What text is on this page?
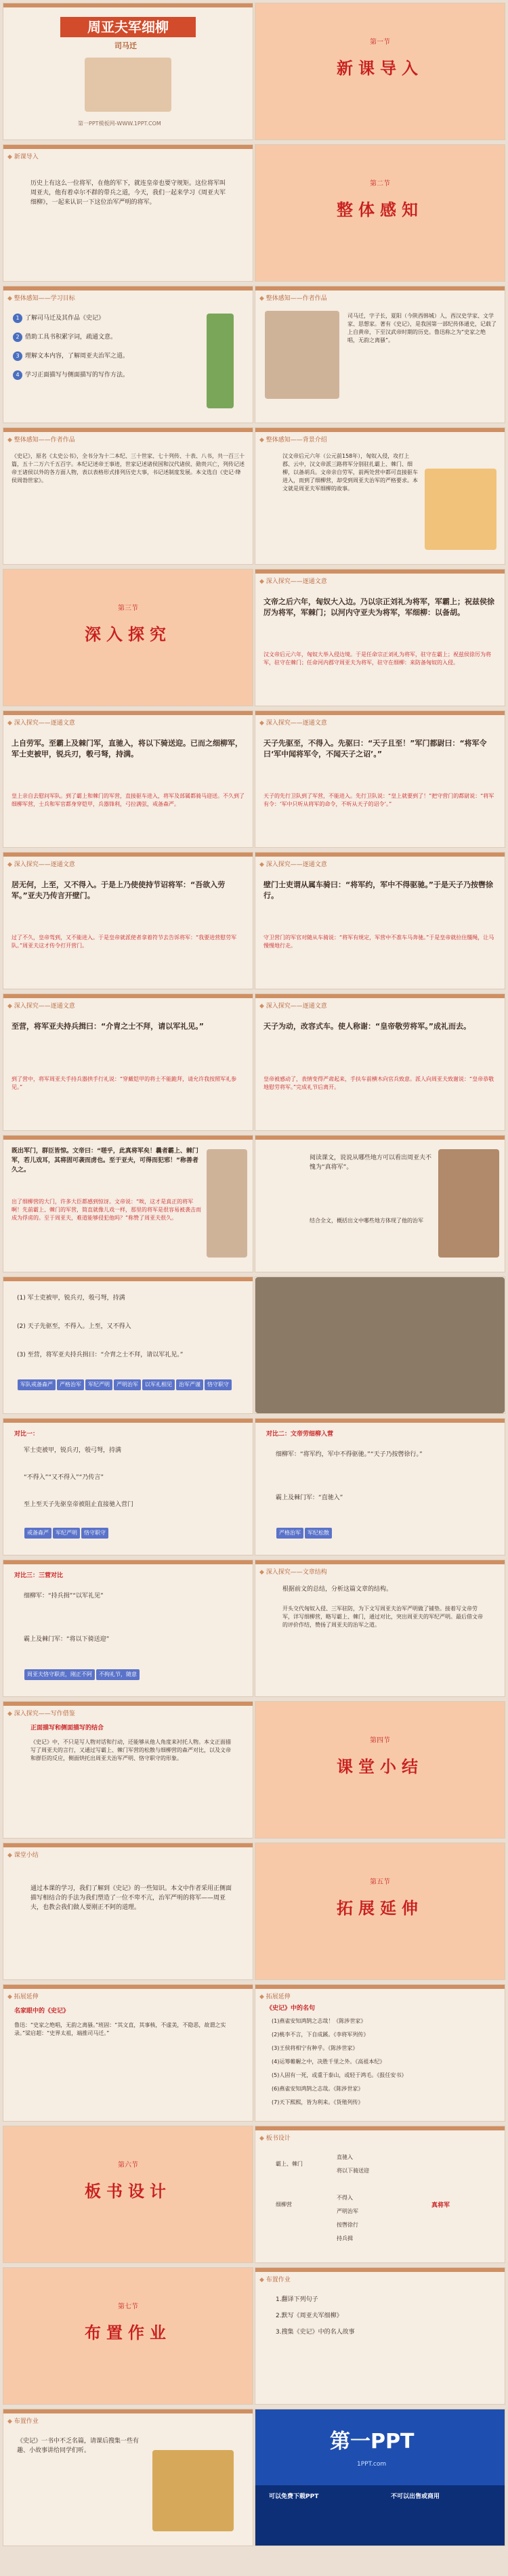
周亚夫军细柳
司马迁
第一PPT模板网-WWW.1PPT.COM
第一节
新课导入
◆ 新课导入
历史上有这么一位将军，在他的军下，就连皇帝也要守规矩。这位将军叫周亚夫，他有着卓尔不群的带兵之道，今天，我们一起来学习《周亚夫军细柳》，一起来认识一下这位治军严明的将军。
第二节
整体感知
◆ 整体感知——学习目标
1 了解司马迁及其作品《史记》
2 借助工具书积累字词，疏通文意。
3 理解文本内容，了解周亚夫治军之道。
4 学习正面描写与侧面描写的写作方法。
◆ 整体感知——作者作品
司马迁，字子长，夏阳（今陕西韩城）人，西汉史学家、文学家、思想家。著有《史记》，是我国第一部纪传体通史，记载了上自黄帝，下至汉武帝时期的历史。鲁迅称之为“史家之绝唱，无韵之离骚”。
◆ 整体感知——作者作品
《史记》，原名《太史公书》，全书分为十二本纪、三十世家、七十列传、十表、八书，共一百三十篇，五十二万六千五百字。本纪记述帝王事迹，世家记述诸侯国和汉代诸侯、勋贵兴亡，列传记述帝王诸侯以外的各方面人物，表以表格形式排列历史大事，书记述制度发展。本文选自《史记·绛侯周勃世家》。
◆ 整体感知——背景介绍
汉文帝后元六年（公元前158年），匈奴入侵，攻打上郡、云中，汉文帝派三路将军分别驻扎霸上、棘门、细柳，以备胡兵。文帝亲自劳军，前两处营中都可直接驱车进入，而到了细柳营，却受到周亚夫治军的严格要求。本文就是周亚夫军细柳的故事。
第三节
深入探究
◆ 深入探究——逐通文意
文帝之后六年，匈奴大入边。乃以宗正刘礼为将军，军霸上；祝兹侯徐厉为将军，军棘门；以河内守亚夫为将军，军细柳：以备胡。
汉文帝后元六年，匈奴大举入侵边境。于是任命宗正刘礼为将军，驻守在霸上；祝兹侯徐厉为将军，驻守在棘门；任命河内郡守周亚夫为将军，驻守在细柳：来防备匈奴的入侵。
◆ 深入探究——逐通文意
上自劳军。至霸上及棘门军，直驰入，将以下骑送迎。已而之细柳军，军士吏被甲，锐兵刃，彀弓弩，持满。
皇上亲自去慰问军队。到了霸上和棘门的军营，直接驱车进入，将军及部属都骑马迎送。不久到了细柳军营，士兵和军官都身穿铠甲，兵器锋利，弓拉满弦，戒备森严。
◆ 深入探究——逐通文意
天子先驱至，不得入。先驱曰：“天子且至！”军门都尉曰：“将军令曰‘军中闻将军令，不闻天子之诏’。”
天子的先行卫队到了军营，不能进入。先行卫队说：“皇上就要到了！”把守营门的都尉说：“将军有令：‘军中只听从将军的命令，不听从天子的诏令’。”
◆ 深入探究——逐通文意
居无何，上至，又不得入。于是上乃使使持节诏将军：“吾欲入劳军。”亚夫乃传言开壁门。
过了不久，皇帝驾到，又不能进入。于是皇帝就派使者拿着符节去告诉将军：“我要进营慰劳军队。”周亚夫这才传令打开营门。
◆ 深入探究——逐通文意
壁门士吏谓从属车骑曰：“将军约，军中不得驱驰。”于是天子乃按辔徐行。
守卫营门的军官对随从车骑说：“将军有规定，军营中不准车马奔驰。”于是皇帝就拉住缰绳，让马慢慢地行走。
◆ 深入探究——逐通文意
至营，将军亚夫持兵揖曰：“介胄之士不拜，请以军礼见。”
到了营中，将军周亚夫手持兵器拱手行礼说：“穿戴铠甲的将士不能跪拜，请允许我按照军礼参见。”
◆ 深入探究——逐通文意
天子为动，改容式车。使人称谢：“皇帝敬劳将军。”成礼而去。
皇帝被感动了，表情变得严肃起来，手扶车前横木向官兵致意。派人向周亚夫致谢说：“皇帝恭敬地慰劳将军。”完成礼节后离开。
既出军门，群臣皆惊。文帝曰：“嗟乎，此真将军矣！曩者霸上、棘门军，若儿戏耳，其将固可袭而虏也。至于亚夫，可得而犯邪！”称善者久之。
出了细柳营的大门，许多大臣都感到惊讶。文帝说：“唉，这才是真正的将军啊！先前霸上、棘门的军营，简直就像儿戏一样，那里的将军是很容易被袭击而成为俘虏的。至于周亚夫，难道能够侵犯他吗？”称赞了周亚夫很久。
阅读课文，说说从哪些地方可以看出周亚夫不愧为“真将军”。
结合全文，概括出文中哪些地方体现了他的治军
(1) 军士吏被甲，锐兵刃，彀弓弩，持满
(2) 天子先驱至，不得入。上至，又不得入
(3) 至营，将军亚夫持兵揖曰：“介胄之士不拜，请以军礼见。”
军队戒备森严 严格治军 军纪严明 严明治军 以军礼相见 治军严谨 恪守职守
对比一：
军士吏被甲，锐兵刃，彀弓弩，持满
“不得入”“又不得入”“乃传言”
至上至天子先驱皇帝被阻止直接驰入营门
戒备森严 军纪严明 恪守职守
对比二：文帝劳细柳入营
细柳军：“将军约，军中不得驱驰。”“天子乃按辔徐行。”
霸上及棘门军：“直驰入”
严格治军 军纪松散
对比三：三营对比
细柳军：“持兵揖”“以军礼见”
霸上及棘门军：“将以下骑送迎”
周亚夫恪守职责，刚正不阿 不拘礼节，随意
◆ 深入探究——文章结构
根据前文的总结，分析这篇文章的结构。
开头交代匈奴入侵、三军驻防，为下文写周亚夫治军严明做了铺垫。接着写文帝劳军，详写细柳营，略写霸上、棘门，通过对比，突出周亚夫的军纪严明。最后借文帝的评价作结，赞扬了周亚夫的治军之道。
◆ 深入探究——写作借鉴
正面描写和侧面描写的结合
《史记》中，不只是写人物对话和行动，还能够从他人角度来衬托人物。本文正面描写了周亚夫的言行，又通过写霸上、棘门军营的松散与细柳营的森严对比，以及文帝和群臣的反应，侧面烘托出周亚夫治军严明、恪守职守的形象。
第四节
课堂小结
◆ 课堂小结
通过本课的学习，我们了解到《史记》的一些知识。本文中作者采用正侧面描写相结合的手法为我们塑造了一位不卑不亢，治军严明的将军——周亚夫，也教会我们做人要刚正不阿的道理。
第五节
拓展延伸
◆ 拓展延伸
名家眼中的《史记》
鲁迅：“史家之绝唱，无韵之离骚。”班固：“其文直，其事核，不虚美，不隐恶，故谓之实录。”梁启超：“史界太祖，端推司马迁。”
◆ 拓展延伸
《史记》中的名句
(1)燕雀安知鸿鹄之志哉！《陈涉世家》
(2)桃李不言，下自成蹊。《李将军列传》
(3)王侯将相宁有种乎。《陈涉世家》
(4)运筹帷幄之中，决胜千里之外。《高祖本纪》
(5)人固有一死，或重于泰山，或轻于鸿毛。《报任安书》
(6)燕雀安知鸿鹄之志哉。《陈涉世家》
(7)天下熙熙，皆为利来。《货殖列传》
第六节
板书设计
◆ 板书设计
霸上、棘门
细柳营
直驰入
将以下骑送迎
不得入
严明治军
按辔徐行
持兵揖
真将军
第七节
布置作业
◆ 布置作业
1.翻译下列句子
2.默写《周亚夫军细柳》
3.搜集《史记》中的名人故事
◆ 布置作业
《史记》一书中不乏名篇，请课后搜集一些有趣、小故事讲给同学们听。	第一PPT
1PPT.com
可以免费下载PPT	不可以出售或商用
